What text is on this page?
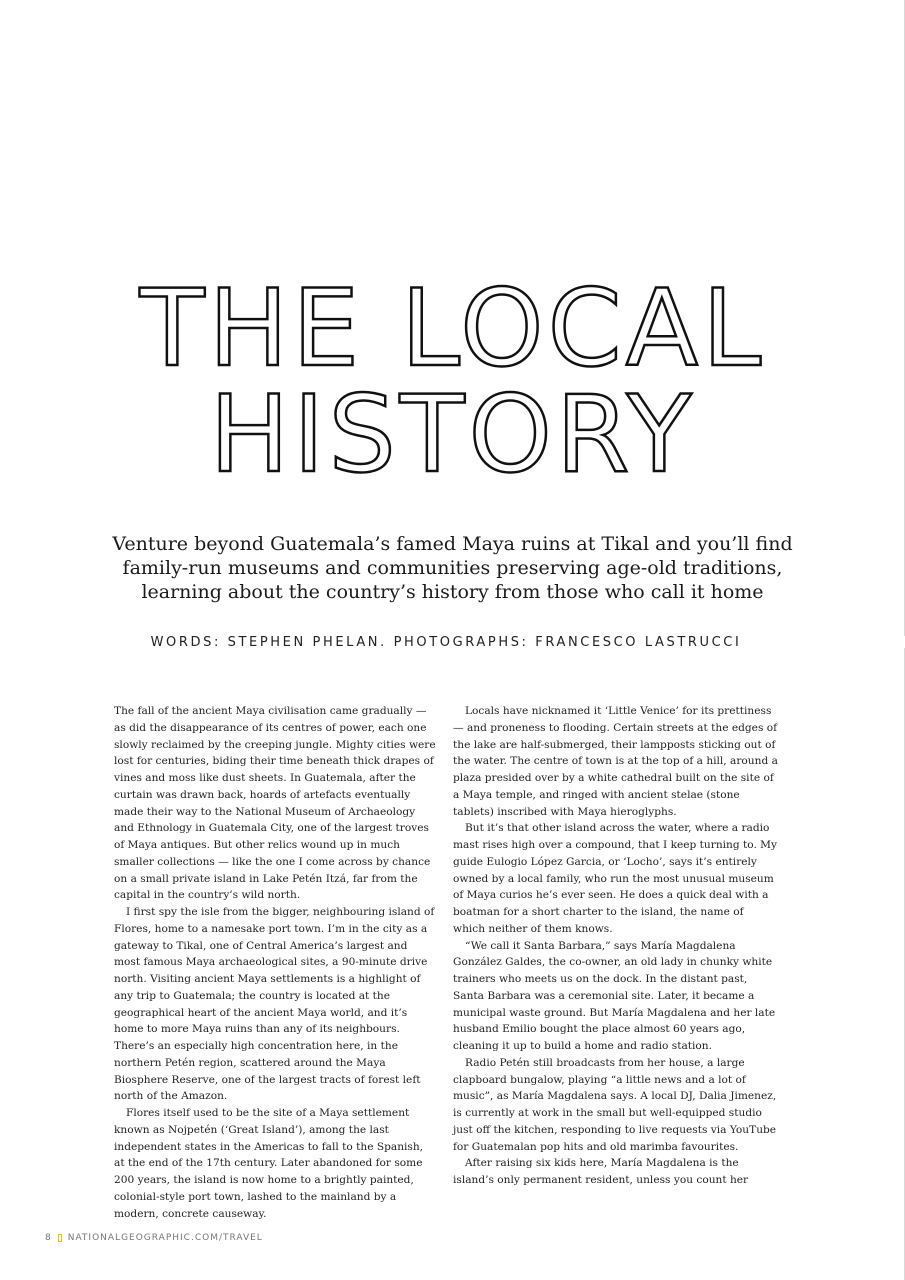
THE LOCAL
HISTORY

Venture beyond Guatemala’s famed Maya ruins at Tikal and you’ll find family-run museums and communities preserving age-old traditions, learning about the country’s history from those who call it home

WORDS: STEPHEN PHELAN. PHOTOGRAPHS: FRANCESCO LASTRUCCI

The fall of the ancient Maya civilisation came gradually — as did the disappearance of its centres of power, each one slowly reclaimed by the creeping jungle. Mighty cities were lost for centuries, biding their time beneath thick drapes of vines and moss like dust sheets. In Guatemala, after the curtain was drawn back, hoards of artefacts eventually made their way to the National Museum of Archaeology and Ethnology in Guatemala City, one of the largest troves of Maya antiques. But other relics wound up in much smaller collections — like the one I come across by chance on a small private island in Lake Petén Itzá, far from the capital in the country’s wild north.

I first spy the isle from the bigger, neighbouring island of Flores, home to a namesake port town. I’m in the city as a gateway to Tikal, one of Central America’s largest and most famous Maya archaeological sites, a 90-minute drive north. Visiting ancient Maya settlements is a highlight of any trip to Guatemala; the country is located at the geographical heart of the ancient Maya world, and it’s home to more Maya ruins than any of its neighbours. There’s an especially high concentration here, in the northern Petén region, scattered around the Maya Biosphere Reserve, one of the largest tracts of forest left north of the Amazon.

Flores itself used to be the site of a Maya settlement known as Nojpetén (‘Great Island’), among the last independent states in the Americas to fall to the Spanish, at the end of the 17th century. Later abandoned for some 200 years, the island is now home to a brightly painted, colonial-style port town, lashed to the mainland by a modern, concrete causeway.

Locals have nicknamed it ‘Little Venice’ for its prettiness — and proneness to flooding. Certain streets at the edges of the lake are half-submerged, their lampposts sticking out of the water. The centre of town is at the top of a hill, around a plaza presided over by a white cathedral built on the site of a Maya temple, and ringed with ancient stelae (stone tablets) inscribed with Maya hieroglyphs.

But it’s that other island across the water, where a radio mast rises high over a compound, that I keep turning to. My guide Eulogio López Garcia, or ‘Locho’, says it’s entirely owned by a local family, who run the most unusual museum of Maya curios he’s ever seen. He does a quick deal with a boatman for a short charter to the island, the name of which neither of them knows.

“We call it Santa Barbara,” says María Magdalena González Galdes, the co-owner, an old lady in chunky white trainers who meets us on the dock. In the distant past, Santa Barbara was a ceremonial site. Later, it became a municipal waste ground. But María Magdalena and her late husband Emilio bought the place almost 60 years ago, cleaning it up to build a home and radio station.

Radio Petén still broadcasts from her house, a large clapboard bungalow, playing “a little news and a lot of music”, as María Magdalena says. A local DJ, Dalia Jimenez, is currently at work in the small but well-equipped studio just off the kitchen, responding to live requests via YouTube for Guatemalan pop hits and old marimba favourites.

After raising six kids here, María Magdalena is the island’s only permanent resident, unless you count her

8 NATIONALGEOGRAPHIC.COM/TRAVEL
